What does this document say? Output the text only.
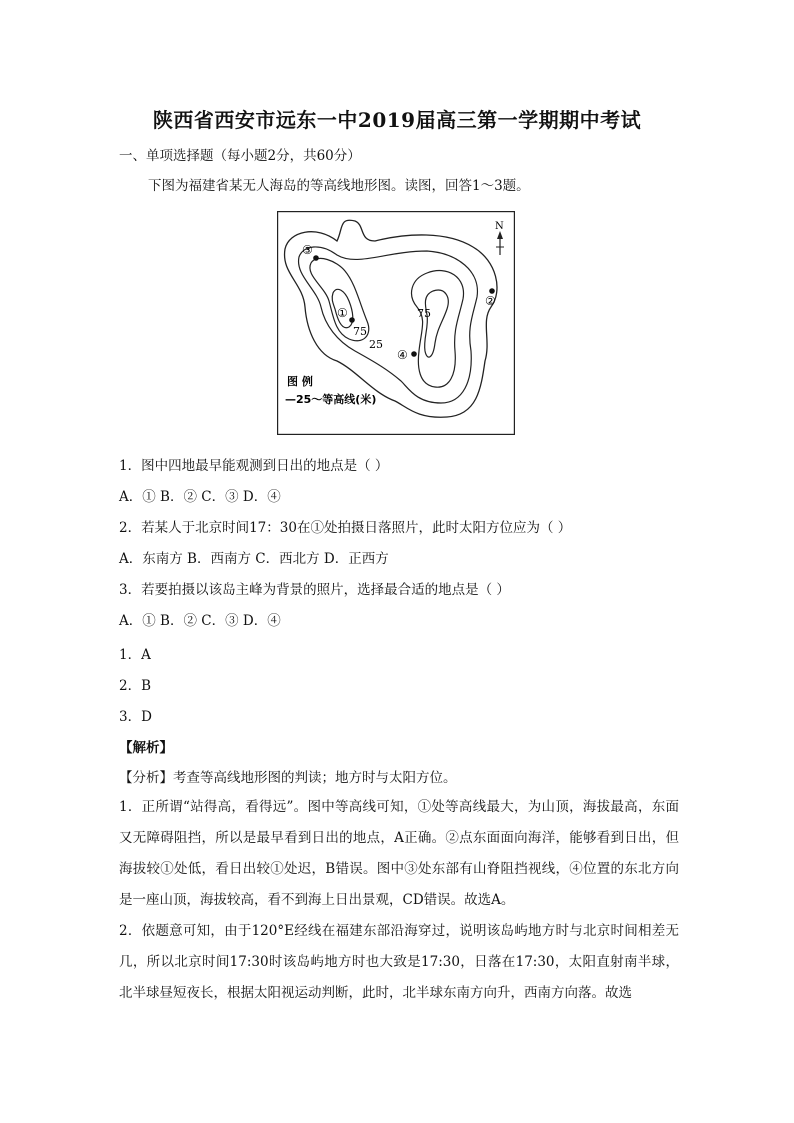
陕西省西安市远东一中2019届高三第一学期期中考试
一、单项选择题（每小题2分，共60分）
下图为福建省某无人海岛的等高线地形图。读图，回答1～3题。
N
75
75
25
①
②
③
④
图 例
—25～等高线(米)
1．图中四地最早能观测到日出的地点是（ ）
A．① B．② C．③ D．④
2．若某人于北京时间17：30在①处拍摄日落照片，此时太阳方位应为（ ）
A．东南方 B．西南方 C．西北方 D．正西方
3．若要拍摄以该岛主峰为背景的照片，选择最合适的地点是（ ）
A．① B．② C．③ D．④
1．A
2．B
3．D
【解析】
【分析】考查等高线地形图的判读；地方时与太阳方位。
1．正所谓“站得高，看得远”。图中等高线可知，①处等高线最大，为山顶，海拔最高，东面又无障碍阻挡，所以是最早看到日出的地点，A正确。②点东面面向海洋，能够看到日出，但海拔较①处低，看日出较①处迟，B错误。图中③处东部有山脊阻挡视线，④位置的东北方向是一座山顶，海拔较高，看不到海上日出景观，CD错误。故选A。
2．依题意可知，由于120°E经线在福建东部沿海穿过，说明该岛屿地方时与北京时间相差无几，所以北京时间17:30时该岛屿地方时也大致是17:30，日落在17:30，太阳直射南半球，北半球昼短夜长，根据太阳视运动判断，此时，北半球东南方向升，西南方向落。故选
